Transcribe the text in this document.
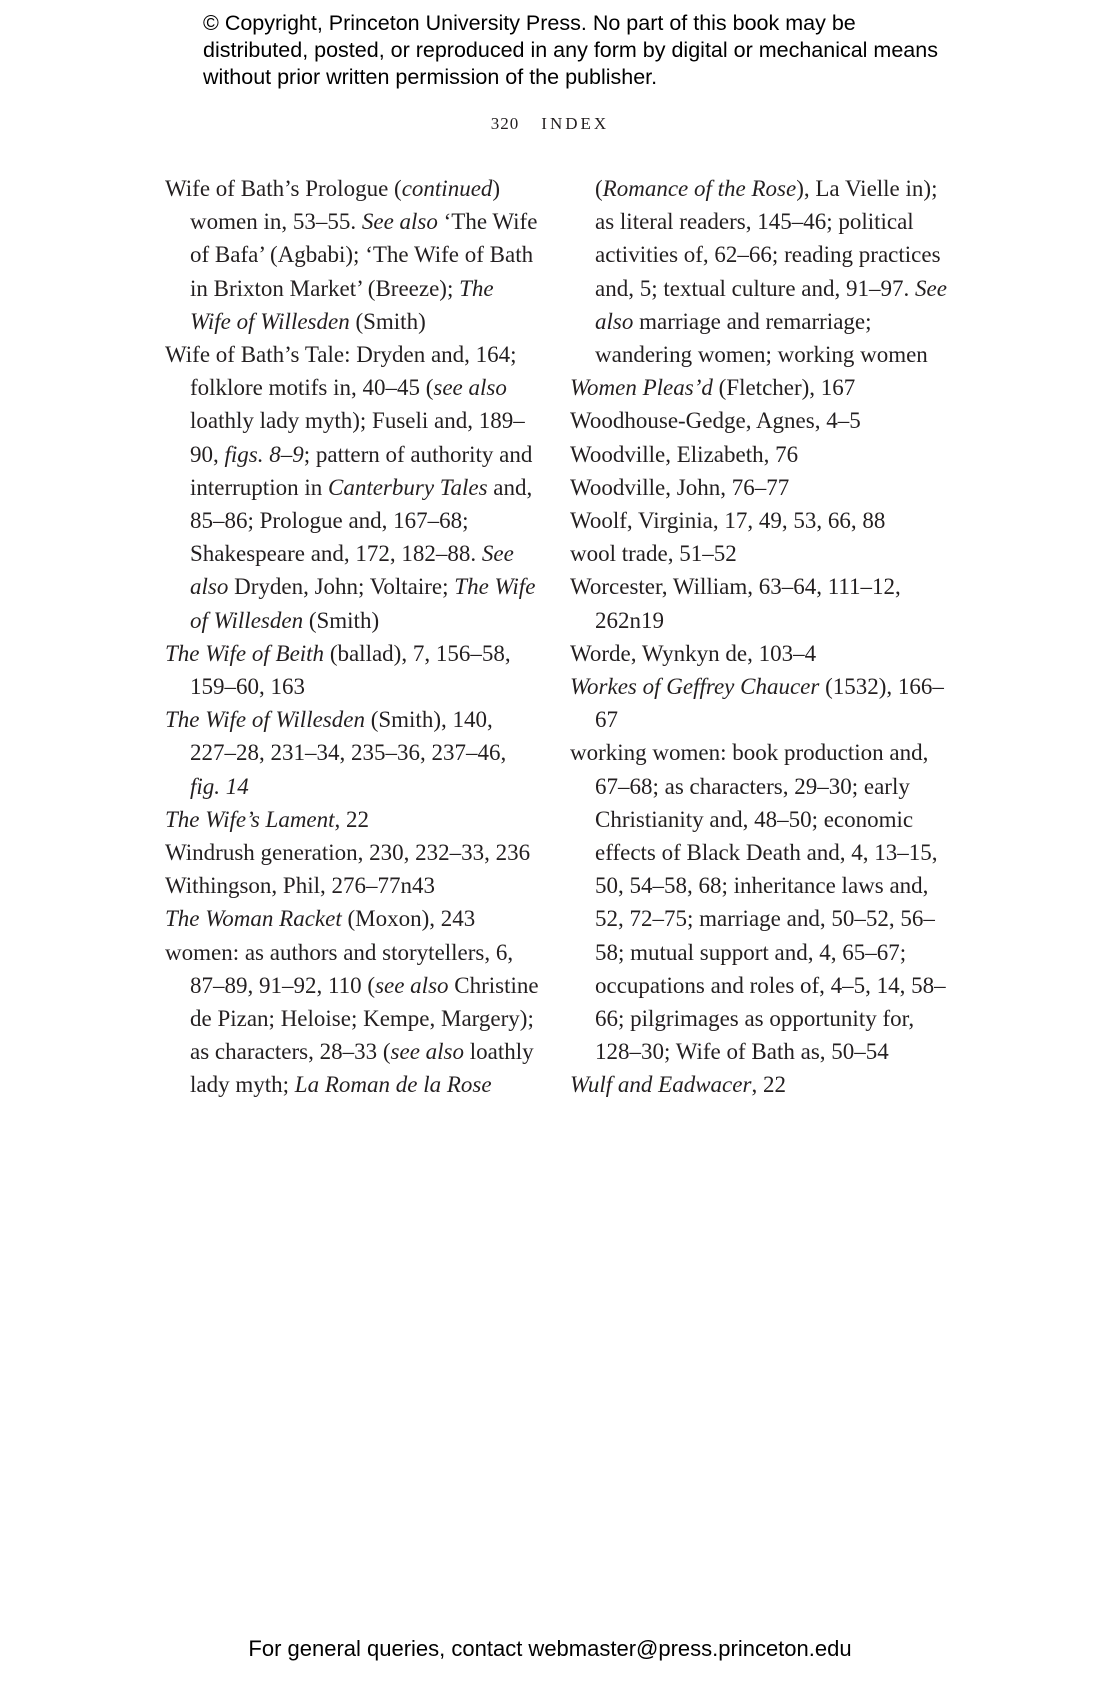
© Copyright, Princeton University Press. No part of this book may be distributed, posted, or reproduced in any form by digital or mechanical means without prior written permission of the publisher.
320 INDEX
Wife of Bath’s Prologue (continued)
women in, 53–55. See also ‘The Wife of Bafa’ (Agbabi); ‘The Wife of Bath in Brixton Market’ (Breeze); The Wife of Willesden (Smith)
Wife of Bath’s Tale: Dryden and, 164; folklore motifs in, 40–45 (see also loathly lady myth); Fuseli and, 189–90, figs. 8–9; pattern of authority and interruption in Canterbury Tales and, 85–86; Prologue and, 167–68; Shakespeare and, 172, 182–88. See also Dryden, John; Voltaire; The Wife of Willesden (Smith)
The Wife of Beith (ballad), 7, 156–58, 159–60, 163
The Wife of Willesden (Smith), 140, 227–28, 231–34, 235–36, 237–46, fig. 14
The Wife’s Lament, 22
Windrush generation, 230, 232–33, 236
Withingson, Phil, 276–77n43
The Woman Racket (Moxon), 243
women: as authors and storytellers, 6, 87–89, 91–92, 110 (see also Christine de Pizan; Heloise; Kempe, Margery); as characters, 28–33 (see also loathly lady myth; La Roman de la Rose
(Romance of the Rose), La Vielle in); as literal readers, 145–46; political activities of, 62–66; reading practices and, 5; textual culture and, 91–97. See also marriage and remarriage; wandering women; working women
Women Pleas’d (Fletcher), 167
Woodhouse-Gedge, Agnes, 4–5
Woodville, Elizabeth, 76
Woodville, John, 76–77
Woolf, Virginia, 17, 49, 53, 66, 88
wool trade, 51–52
Worcester, William, 63–64, 111–12, 262n19
Worde, Wynkyn de, 103–4
Workes of Geffrey Chaucer (1532), 166–67
working women: book production and, 67–68; as characters, 29–30; early Christianity and, 48–50; economic effects of Black Death and, 4, 13–15, 50, 54–58, 68; inheritance laws and, 52, 72–75; marriage and, 50–52, 56–58; mutual support and, 4, 65–67; occupations and roles of, 4–5, 14, 58–66; pilgrimages as opportunity for, 128–30; Wife of Bath as, 50–54
Wulf and Eadwacer, 22
For general queries, contact webmaster@press.princeton.edu
